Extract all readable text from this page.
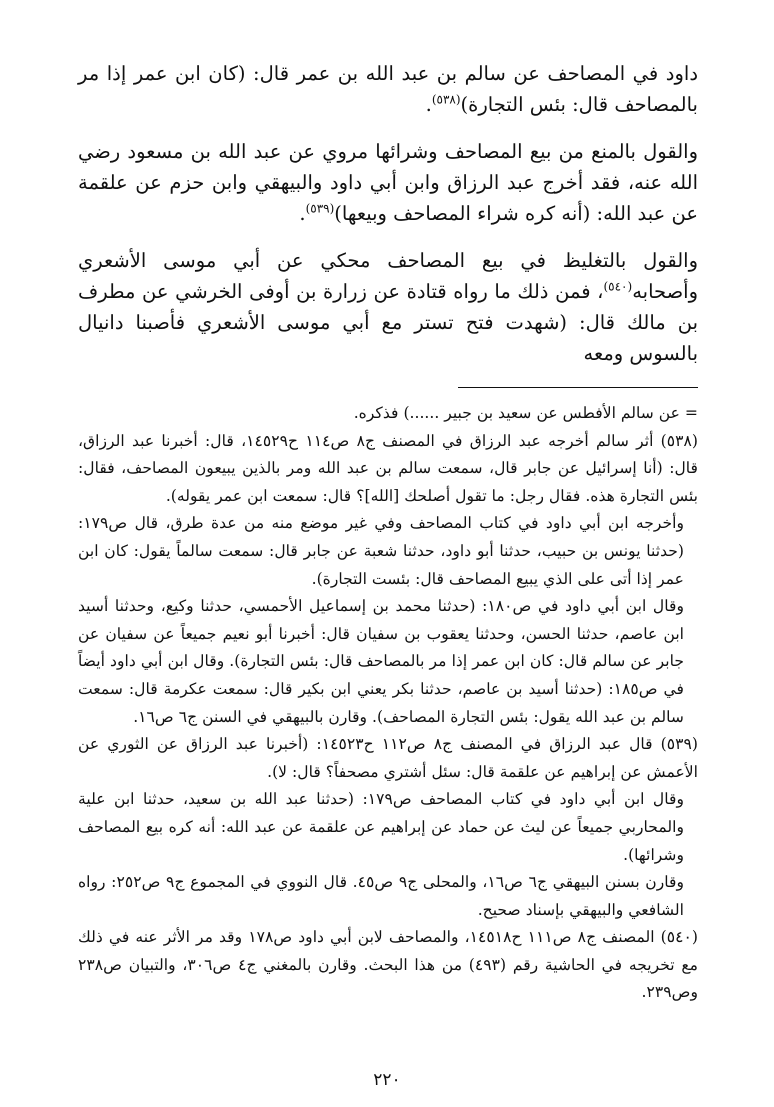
داود في المصاحف عن سالم بن عبد الله بن عمر قال: (كان ابن عمر إذا مر بالمصاحف قال: بئس التجارة)$^{(٥٣٨)}$.

والقول بالمنع من بيع المصاحف وشرائها مروي عن عبد الله بن مسعود رضي الله عنه، فقد أخرج عبد الرزاق وابن أبي داود والبيهقي وابن حزم عن علقمة عن عبد الله: (أنه كره شراء المصاحف وبيعها)$^{(٥٣٩)}$.

والقول بالتغليظ في بيع المصاحف محكي عن أبي موسى الأشعري وأصحابه$^{(٥٤٠)}$، فمن ذلك ما رواه قتادة عن زرارة بن أوفى الخرشي عن مطرف بن مالك قال: (شهدت فتح تستر مع أبي موسى الأشعري فأصبنا دانيال بالسوس ومعه

= عن سالم الأفطس عن سعيد بن جبير ......) فذكره.

(٥٣٨) أثر سالم أخرجه عبد الرزاق في المصنف ج٨ ص١١٤ ح١٤٥٢٩، قال: أخبرنا عبد الرزاق، قال: (أنا إسرائيل عن جابر قال، سمعت سالم بن عبد الله ومر بالذين يبيعون المصاحف، فقال: بئس التجارة هذه. فقال رجل: ما تقول أصلحك [الله]؟ قال: سمعت ابن عمر يقوله).

وأخرجه ابن أبي داود في كتاب المصاحف وفي غير موضع منه من عدة طرق، قال ص١٧٩: (حدثنا يونس بن حبيب، حدثنا أبو داود، حدثنا شعبة عن جابر قال: سمعت سالماً يقول: كان ابن عمر إذا أتى على الذي يبيع المصاحف قال: بئست التجارة).

وقال ابن أبي داود في ص١٨٠: (حدثنا محمد بن إسماعيل الأحمسي، حدثنا وكيع، وحدثنا أسيد ابن عاصم، حدثنا الحسن، وحدثنا يعقوب بن سفيان قال: أخبرنا أبو نعيم جميعاً عن سفيان عن جابر عن سالم قال: كان ابن عمر إذا مر بالمصاحف قال: بئس التجارة). وقال ابن أبي داود أيضاً في ص١٨٥: (حدثنا أسيد بن عاصم، حدثنا بكر يعني ابن بكير قال: سمعت عكرمة قال: سمعت سالم بن عبد الله يقول: بئس التجارة المصاحف). وقارن بالبيهقي في السنن ج٦ ص١٦.

(٥٣٩) قال عبد الرزاق في المصنف ج٨ ص١١٢ ح١٤٥٢٣: (أخبرنا عبد الرزاق عن الثوري عن الأعمش عن إبراهيم عن علقمة قال: سئل أشتري مصحفاً؟ قال: لا).

وقال ابن أبي داود في كتاب المصاحف ص١٧٩: (حدثنا عبد الله بن سعيد، حدثنا ابن علية والمحاربي جميعاً عن ليث عن حماد عن إبراهيم عن علقمة عن عبد الله: أنه كره بيع المصاحف وشرائها).

وقارن بسنن البيهقي ج٦ ص١٦، والمحلى ج٩ ص٤٥. قال النووي في المجموع ج٩ ص٢٥٢: رواه الشافعي والبيهقي بإسناد صحيح.

(٥٤٠) المصنف ج٨ ص١١١ ح١٤٥١٨، والمصاحف لابن أبي داود ص١٧٨ وقد مر الأثر عنه في ذلك مع تخريجه في الحاشية رقم (٤٩٣) من هذا البحث. وقارن بالمغني ج٤ ص٣٠٦، والتبيان ص٢٣٨ وص٢٣٩.

٢٢٠
